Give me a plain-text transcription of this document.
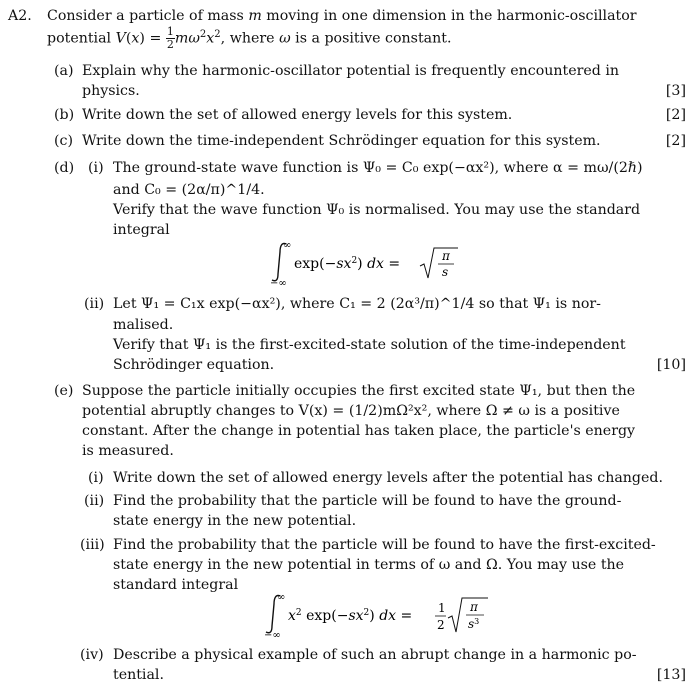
A2. Consider a particle of mass m moving in one dimension in the harmonic-oscillator
potential $V(x) = \frac{1}{2} m\omega^2x^2$, where ω is a positive constant.
(a) Explain why the harmonic-oscillator potential is frequently encountered in
physics.	[3]
(b) Write down the set of allowed energy levels for this system.	[2]
(c) Write down the time-independent Schrödinger equation for this system.	[2]
(d) (i) The ground-state wave function is Ψ₀ = C₀ exp(−αx²), where α = mω/(2ℏ)
and C₀ = (2α/π)^1/4.
Verify that the wave function Ψ₀ is normalised. You may use the standard
integral
∞
−∞
$\exp(-sx^2)$ dx =	π
s
(ii) Let Ψ₁ = C₁x exp(−αx²), where C₁ = 2 (2α³/π)^1/4 so that Ψ₁ is nor-
malised.
Verify that Ψ₁ is the first-excited-state solution of the time-independent
Schrödinger equation.	[10]
(e) Suppose the particle initially occupies the first excited state Ψ₁, but then the
potential abruptly changes to V(x) = (1/2)mΩ²x², where Ω ≠ ω is a positive
constant. After the change in potential has taken place, the particle's energy
is measured.
(i) Write down the set of allowed energy levels after the potential has changed.
(ii) Find the probability that the particle will be found to have the ground-
state energy in the new potential.
(iii) Find the probability that the particle will be found to have the first-excited-
state energy in the new potential in terms of ω and Ω. You may use the
standard integral
∞
−∞
$x^2$ $\exp(-sx^2)$ dx = 1
2
π
$s^3$
(iv) Describe a physical example of such an abrupt change in a harmonic po-
tential.	[13]
